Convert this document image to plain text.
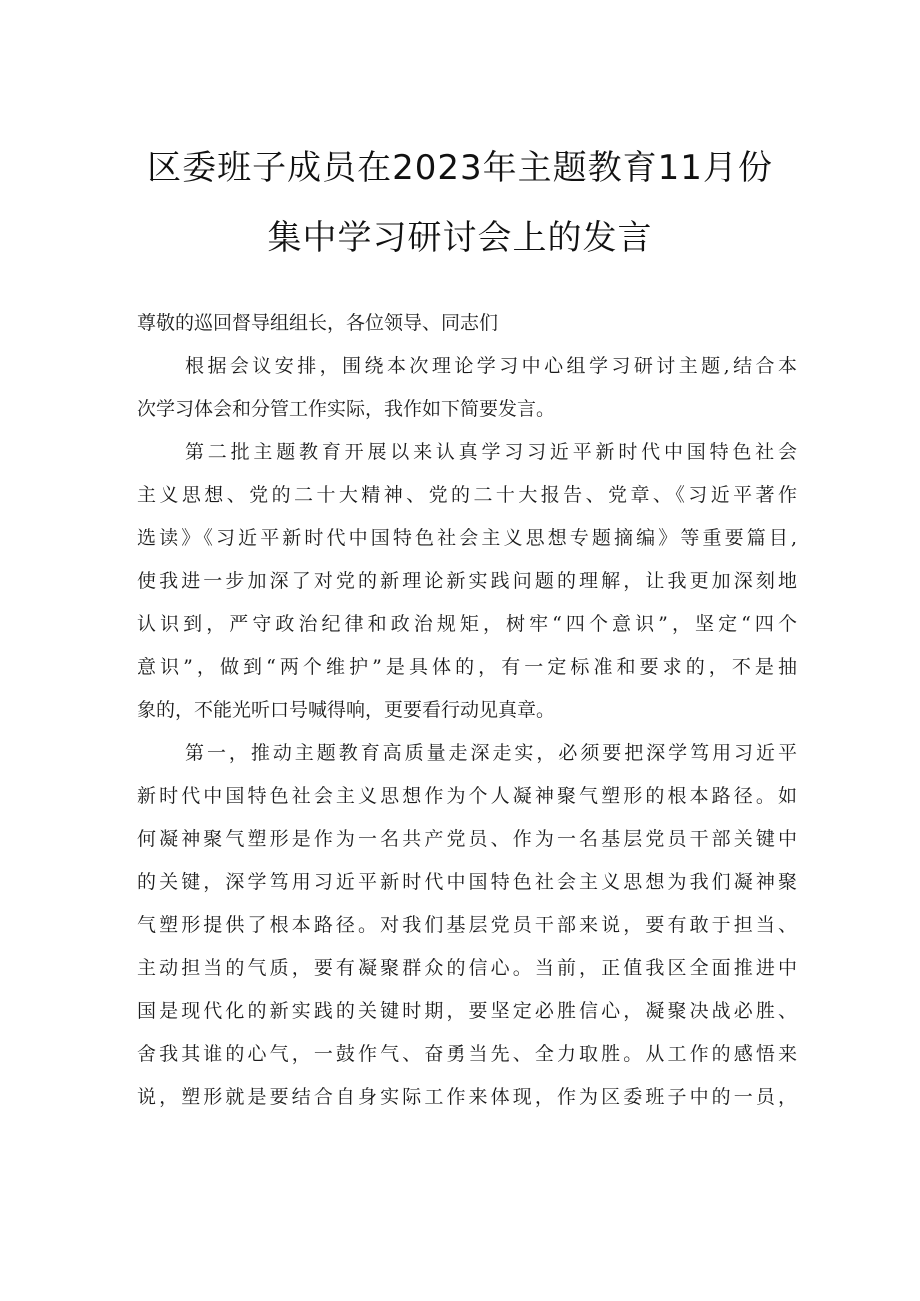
区委班子成员在2023年主题教育11月份
集中学习研讨会上的发言
尊敬的巡回督导组组长，各位领导、同志们
根据会议安排，围绕本次理论学习中心组学习研讨主题,结合本
次学习体会和分管工作实际，我作如下简要发言。
第二批主题教育开展以来认真学习习近平新时代中国特色社会
主义思想、党的二十大精神、党的二十大报告、党章、《习近平著作
选读》《习近平新时代中国特色社会主义思想专题摘编》等重要篇目,
使我进一步加深了对党的新理论新实践问题的理解，让我更加深刻地
认识到，严守政治纪律和政治规矩，树牢“四个意识”，坚定“四个
意识”，做到“两个维护”是具体的，有一定标准和要求的，不是抽
象的，不能光听口号喊得响，更要看行动见真章。
第一，推动主题教育高质量走深走实，必须要把深学笃用习近平
新时代中国特色社会主义思想作为个人凝神聚气塑形的根本路径。如
何凝神聚气塑形是作为一名共产党员、作为一名基层党员干部关键中
的关键，深学笃用习近平新时代中国特色社会主义思想为我们凝神聚
气塑形提供了根本路径。对我们基层党员干部来说，要有敢于担当、
主动担当的气质，要有凝聚群众的信心。当前，正值我区全面推进中
国是现代化的新实践的关键时期，要坚定必胜信心，凝聚决战必胜、
舍我其谁的心气，一鼓作气、奋勇当先、全力取胜。从工作的感悟来
说，塑形就是要结合自身实际工作来体现，作为区委班子中的一员，
